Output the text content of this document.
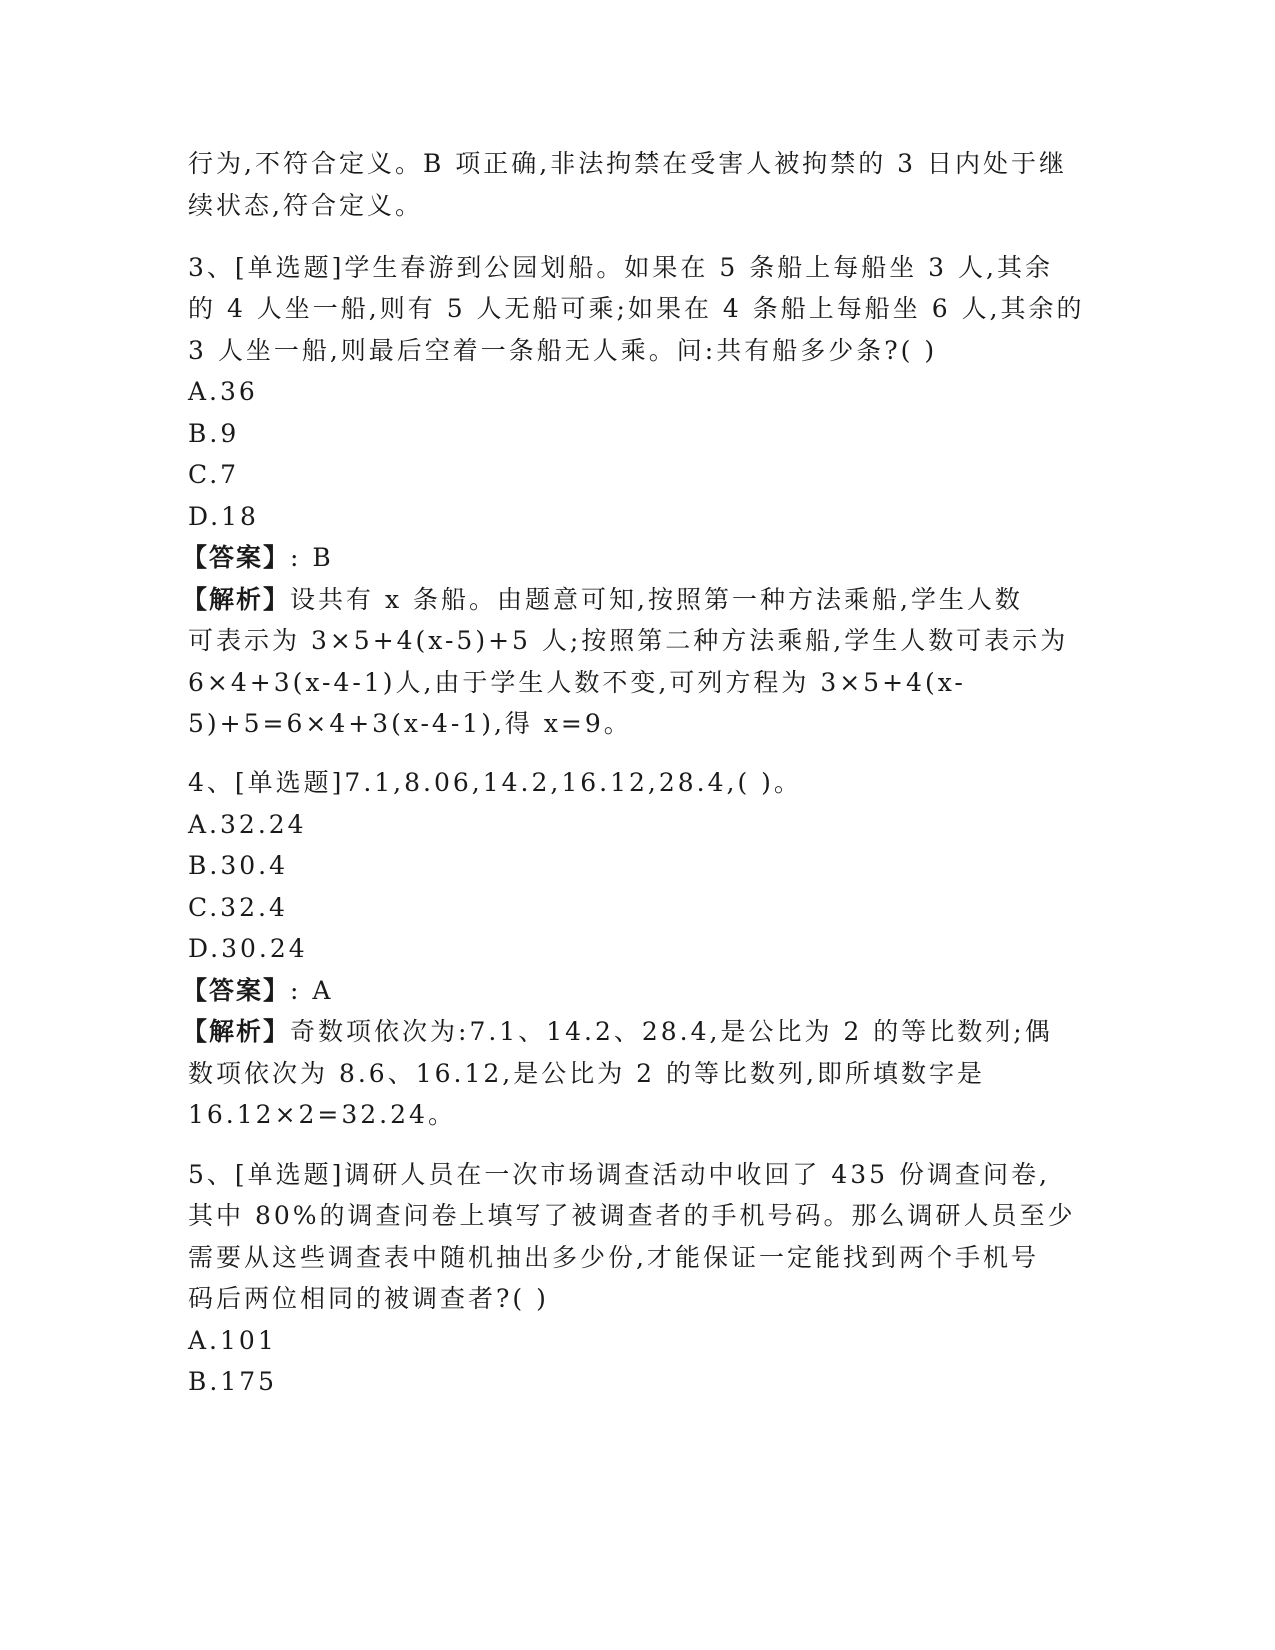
行为,不符合定义。B 项正确,非法拘禁在受害人被拘禁的 3 日内处于继
续状态,符合定义。
3、[单选题]学生春游到公园划船。如果在 5 条船上每船坐 3 人,其余
的 4 人坐一船,则有 5 人无船可乘;如果在 4 条船上每船坐 6 人,其余的
3 人坐一船,则最后空着一条船无人乘。问:共有船多少条?( )
A.36
B.9
C.7
D.18
【答案】: B
【解析】设共有 x 条船。由题意可知,按照第一种方法乘船,学生人数
可表示为 3×5+4(x-5)+5 人;按照第二种方法乘船,学生人数可表示为
6×4+3(x-4-1)人,由于学生人数不变,可列方程为 3×5+4(x-
5)+5=6×4+3(x-4-1),得 x=9。
4、[单选题]7.1,8.06,14.2,16.12,28.4,( )。
A.32.24
B.30.4
C.32.4
D.30.24
【答案】: A
【解析】奇数项依次为:7.1、14.2、28.4,是公比为 2 的等比数列;偶
数项依次为 8.6、16.12,是公比为 2 的等比数列,即所填数字是
16.12×2=32.24。
5、[单选题]调研人员在一次市场调查活动中收回了 435 份调查问卷,
其中 80%的调查问卷上填写了被调查者的手机号码。那么调研人员至少
需要从这些调查表中随机抽出多少份,才能保证一定能找到两个手机号
码后两位相同的被调查者?( )
A.101
B.175
